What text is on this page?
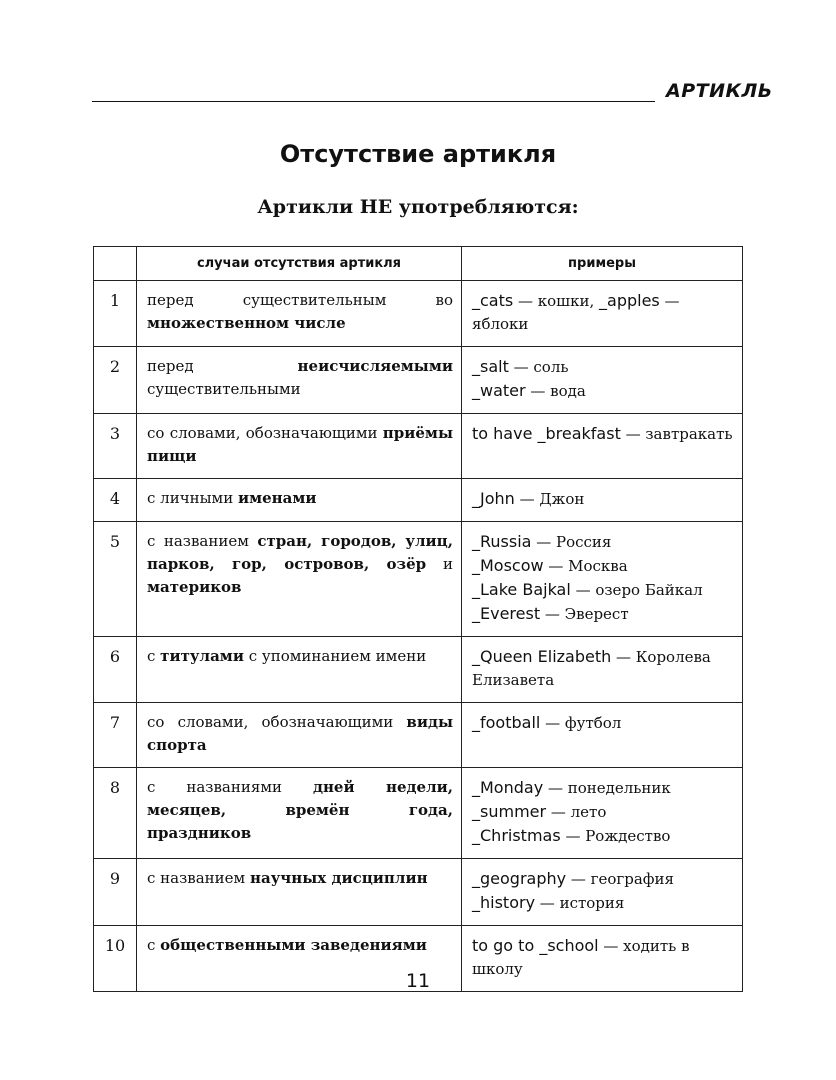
АРТИКЛЬ
Отсутствие артикля
Артикли НЕ употребляются:
	случаи отсутствия артикля	примеры
1	перед существительным во множественном числе	_cats — кошки, _apples — яблоки

2	перед неисчисляемыми существительными	_salt — соль
_water — вода

3	со словами, обозначающими приёмы пищи	to have _breakfast — завтракать

4	с личными именами	_John — Джон

5	с названием стран, городов, улиц, парков, гор, островов, озёр и материков	_Russia — Россия
_Moscow — Москва
_Lake Bajkal — озеро Байкал
_Everest — Эверест

6	с титулами с упоминанием имени	_Queen Elizabeth — Королева Елизавета

7	со словами, обозначающими виды спорта	_football — футбол

8	с названиями дней недели, месяцев, времён года, праздников	_Monday — понедельник
_summer — лето
_Christmas — Рождество

9	с названием научных дисциплин	_geography — география
_history — история

10	с общественными заведениями	to go to _school — ходить в школу
11
